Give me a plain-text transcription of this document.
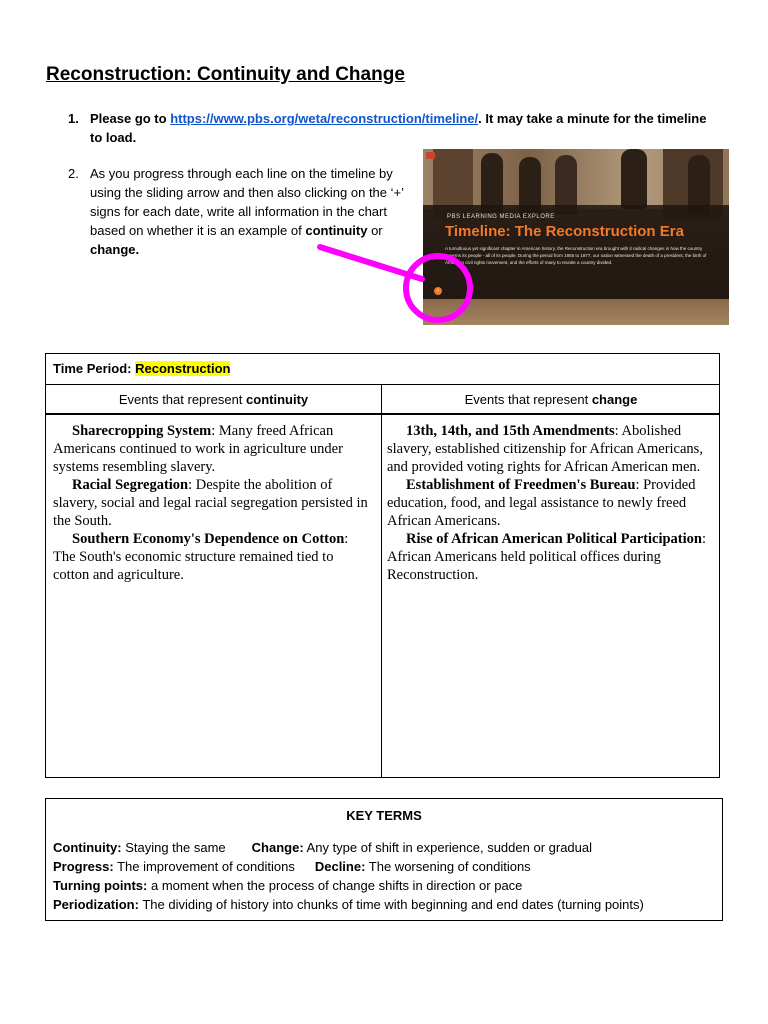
Reconstruction: Continuity and Change
1. Please go to https://www.pbs.org/weta/reconstruction/timeline/. It may take a minute for the timeline to load.
2. As you progress through each line on the timeline by using the sliding arrow and then also clicking on the ‘+’ signs for each date, write all information in the chart based on whether it is an example of continuity or change.
PBS LEARNING MEDIA EXPLORE
Timeline: The Reconstruction Era
A tumultuous yet significant chapter in American history, the Reconstruction era brought with it radical changes in how the country governs its people - all of its people. During the period from 1865 to 1877, our nation witnessed the death of a president, the birth of American civil rights movement, and the efforts of many to reunite a country divided.
›
Time Period: Reconstruction
Events that represent continuity	Events that represent change

Sharecropping System: Many freed African Americans continued to work in agriculture under systems resembling slavery.

Racial Segregation: Despite the abolition of slavery, social and legal racial segregation persisted in the South.

Southern Economy's Dependence on Cotton: The South's economic structure remained tied to cotton and agriculture.

13th, 14th, and 15th Amendments: Abolished slavery, established citizenship for African Americans, and provided voting rights for African American men.

Establishment of Freedmen's Bureau: Provided education, food, and legal assistance to newly freed African Americans.

Rise of African American Political Participation: African Americans held political offices during Reconstruction.

KEY TERMS
Continuity: Staying the same Change: Any type of shift in experience, sudden or gradual
Progress: The improvement of conditions Decline: The worsening of conditions
Turning points: a moment when the process of change shifts in direction or pace
Periodization: The dividing of history into chunks of time with beginning and end dates (turning points)
